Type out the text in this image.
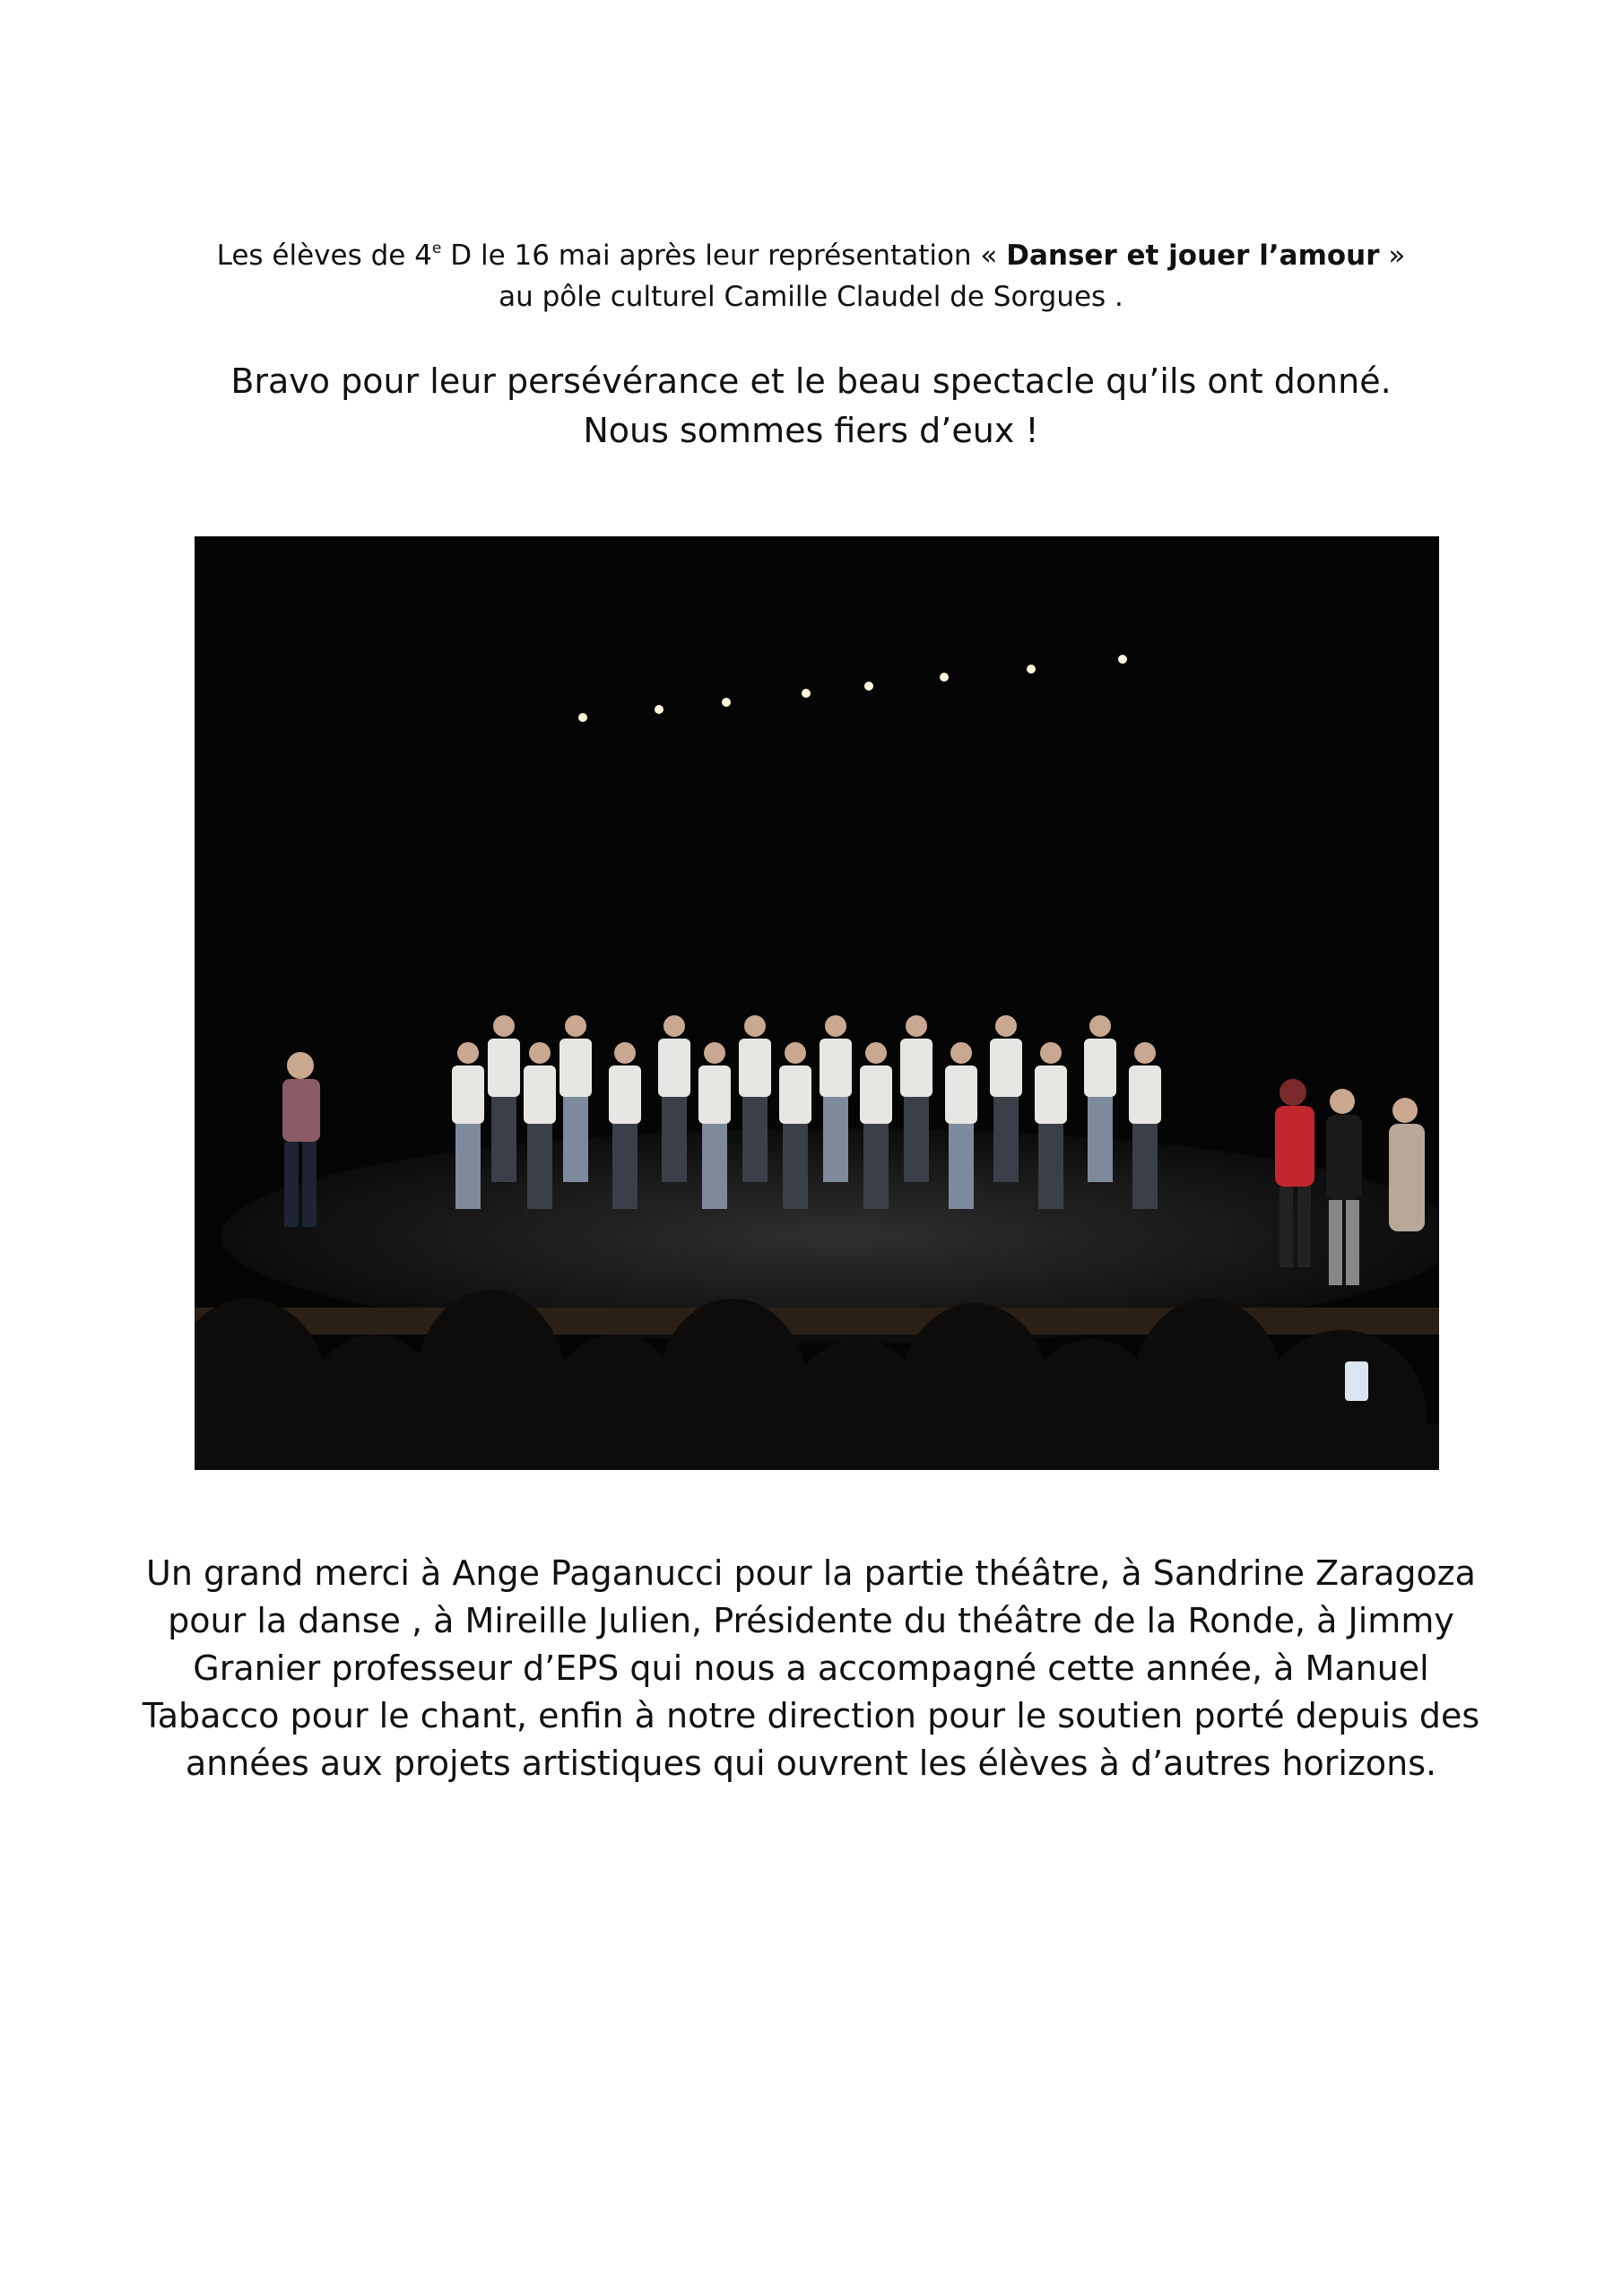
Les élèves de 4e D le 16 mai après leur représentation « Danser et jouer l’amour »
au pôle culturel Camille Claudel de Sorgues .
Bravo pour leur persévérance et le beau spectacle qu’ils ont donné.
Nous sommes fiers d’eux !
Un grand merci à Ange Paganucci pour la partie théâtre, à Sandrine Zaragoza
pour la danse , à Mireille Julien, Présidente du théâtre de la Ronde, à Jimmy
Granier professeur d’EPS qui nous a accompagné cette année, à Manuel
Tabacco pour le chant, enfin à notre direction pour le soutien porté depuis des
années aux projets artistiques qui ouvrent les élèves à d’autres horizons.
